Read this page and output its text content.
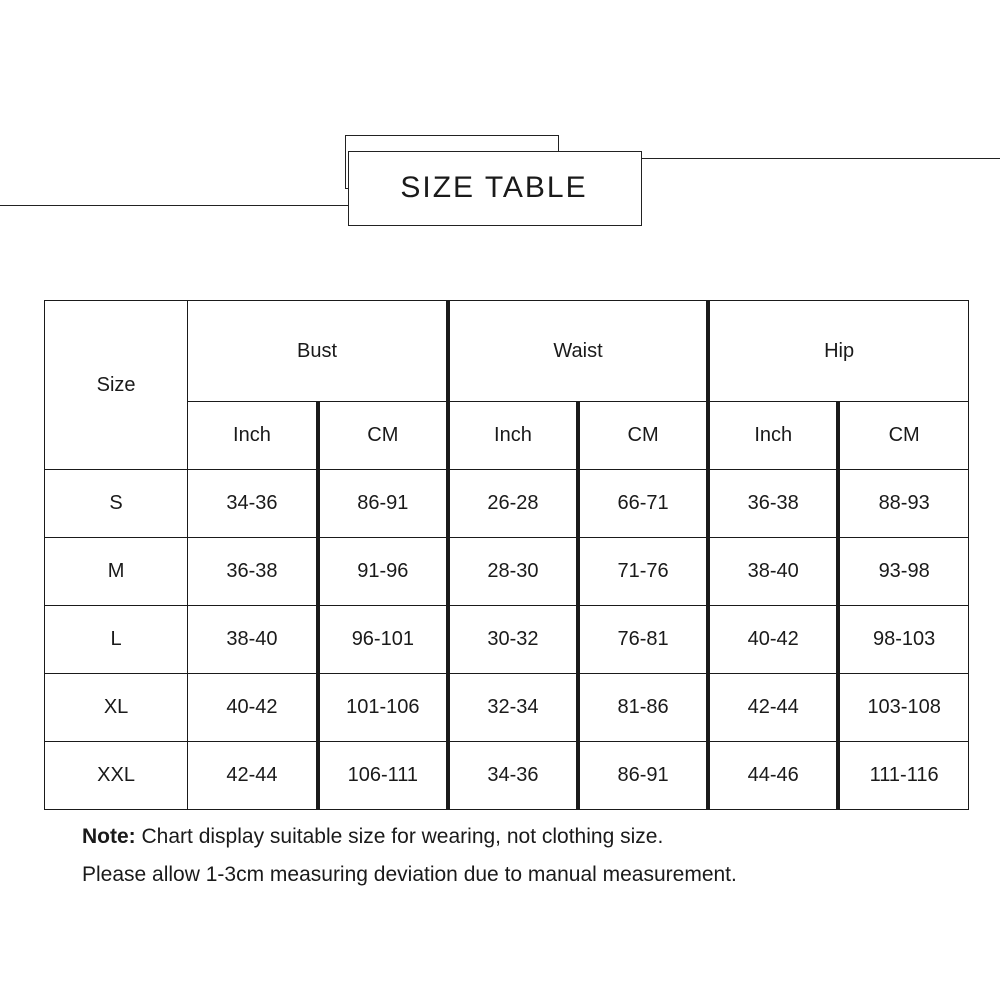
SIZE TABLE
Size	Bust		Waist		Hip	
	Inch	CM	Inch	CM	Inch	CM
S	34-36	86-91	26-28	66-71	36-38	88-93
M	36-38	91-96	28-30	71-76	38-40	93-98
L	38-40	96-101	30-32	76-81	40-42	98-103
XL	40-42	101-106	32-34	81-86	42-44	103-108
XXL	42-44	106-111	34-36	86-91	44-46	111-116
Note: Chart display suitable size for wearing, not clothing size.
Please allow 1-3cm measuring deviation due to manual measurement.
